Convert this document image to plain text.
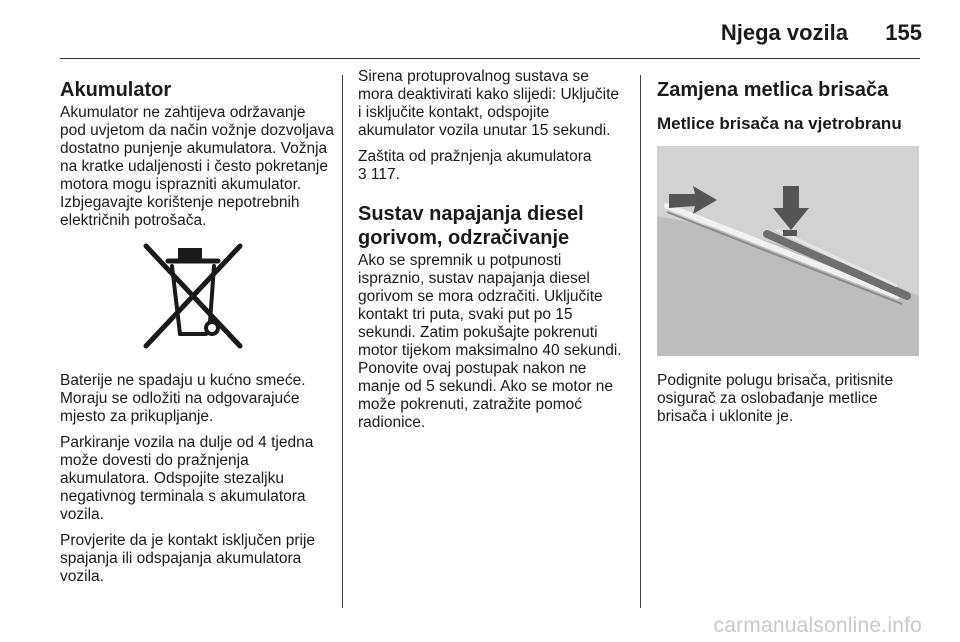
Njega vozila 155
Akumulator

Akumulator ne zahtijeva održavanje pod uvjetom da način vožnje dozvoljava dostatno punjenje akumulatora. Vožnja na kratke udaljenosti i često pokretanje motora mogu isprazniti akumulator. Izbjegavajte korištenje nepotrebnih električnih potrošača.

Baterije ne spadaju u kućno smeće. Moraju se odložiti na odgovarajuće mjesto za prikupljanje.

Parkiranje vozila na dulje od 4 tjedna može dovesti do pražnjenja akumulatora. Odspojite stezaljku negativnog terminala s akumulatora vozila.

Provjerite da je kontakt isključen prije spajanja ili odspajanja akumulatora vozila.

Sirena protuprovalnog sustava se mora deaktivirati kako slijedi: Uključite i isključite kontakt, odspojite akumulator vozila unutar 15 sekundi.

Zaštita od pražnjenja akumulatora
3 117.

Sustav napajanja diesel gorivom, odzračivanje

Ako se spremnik u potpunosti ispraznio, sustav napajanja diesel gorivom se mora odzračiti. Uključite kontakt tri puta, svaki put po 15 sekundi. Zatim pokušajte pokrenuti motor tijekom maksimalno 40 sekundi. Ponovite ovaj postupak nakon ne manje od 5 sekundi. Ako se motor ne može pokrenuti, zatražite pomoć radionice.

Zamjena metlica brisača
Metlice brisača na vjetrobranu

Podignite polugu brisača, pritisnite osigurač za oslobađanje metlice brisača i uklonite je.

carmanualsonline.info
